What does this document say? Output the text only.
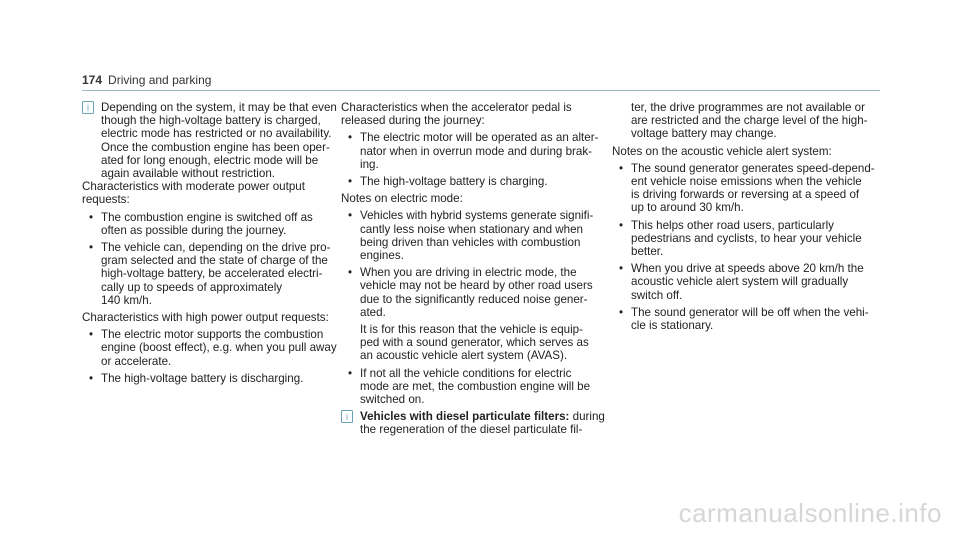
174 Driving and parking
i Depending on the system, it may be that even
though the high-voltage battery is charged,
electric mode has restricted or no availability.
Once the combustion engine has been oper-
ated for long enough, electric mode will be
again available without restriction.
Characteristics with moderate power output
requests:
• The combustion engine is switched off as
often as possible during the journey.
• The vehicle can, depending on the drive pro-
gram selected and the state of charge of the
high-voltage battery, be accelerated electri-
cally up to speeds of approximately
140 km/h.
Characteristics with high power output requests:
• The electric motor supports the combustion
engine (boost effect), e.g. when you pull away
or accelerate.
• The high-voltage battery is discharging.
Characteristics when the accelerator pedal is
released during the journey:
• The electric motor will be operated as an alter-
nator when in overrun mode and during brak-
ing.
• The high-voltage battery is charging.
Notes on electric mode:
• Vehicles with hybrid systems generate signifi-
cantly less noise when stationary and when
being driven than vehicles with combustion
engines.
• When you are driving in electric mode, the
vehicle may not be heard by other road users
due to the significantly reduced noise gener-
ated.
It is for this reason that the vehicle is equip-
ped with a sound generator, which serves as
an acoustic vehicle alert system (AVAS).
• If not all the vehicle conditions for electric
mode are met, the combustion engine will be
switched on.
i Vehicles with diesel particulate filters: during
the regeneration of the diesel particulate fil-
ter, the drive programmes are not available or
are restricted and the charge level of the high-
voltage battery may change.
Notes on the acoustic vehicle alert system:
• The sound generator generates speed-depend-
ent vehicle noise emissions when the vehicle
is driving forwards or reversing at a speed of
up to around 30 km/h.
• This helps other road users, particularly
pedestrians and cyclists, to hear your vehicle
better.
• When you drive at speeds above 20 km/h the
acoustic vehicle alert system will gradually
switch off.
• The sound generator will be off when the vehi-
cle is stationary.
carmanualsonline.info
